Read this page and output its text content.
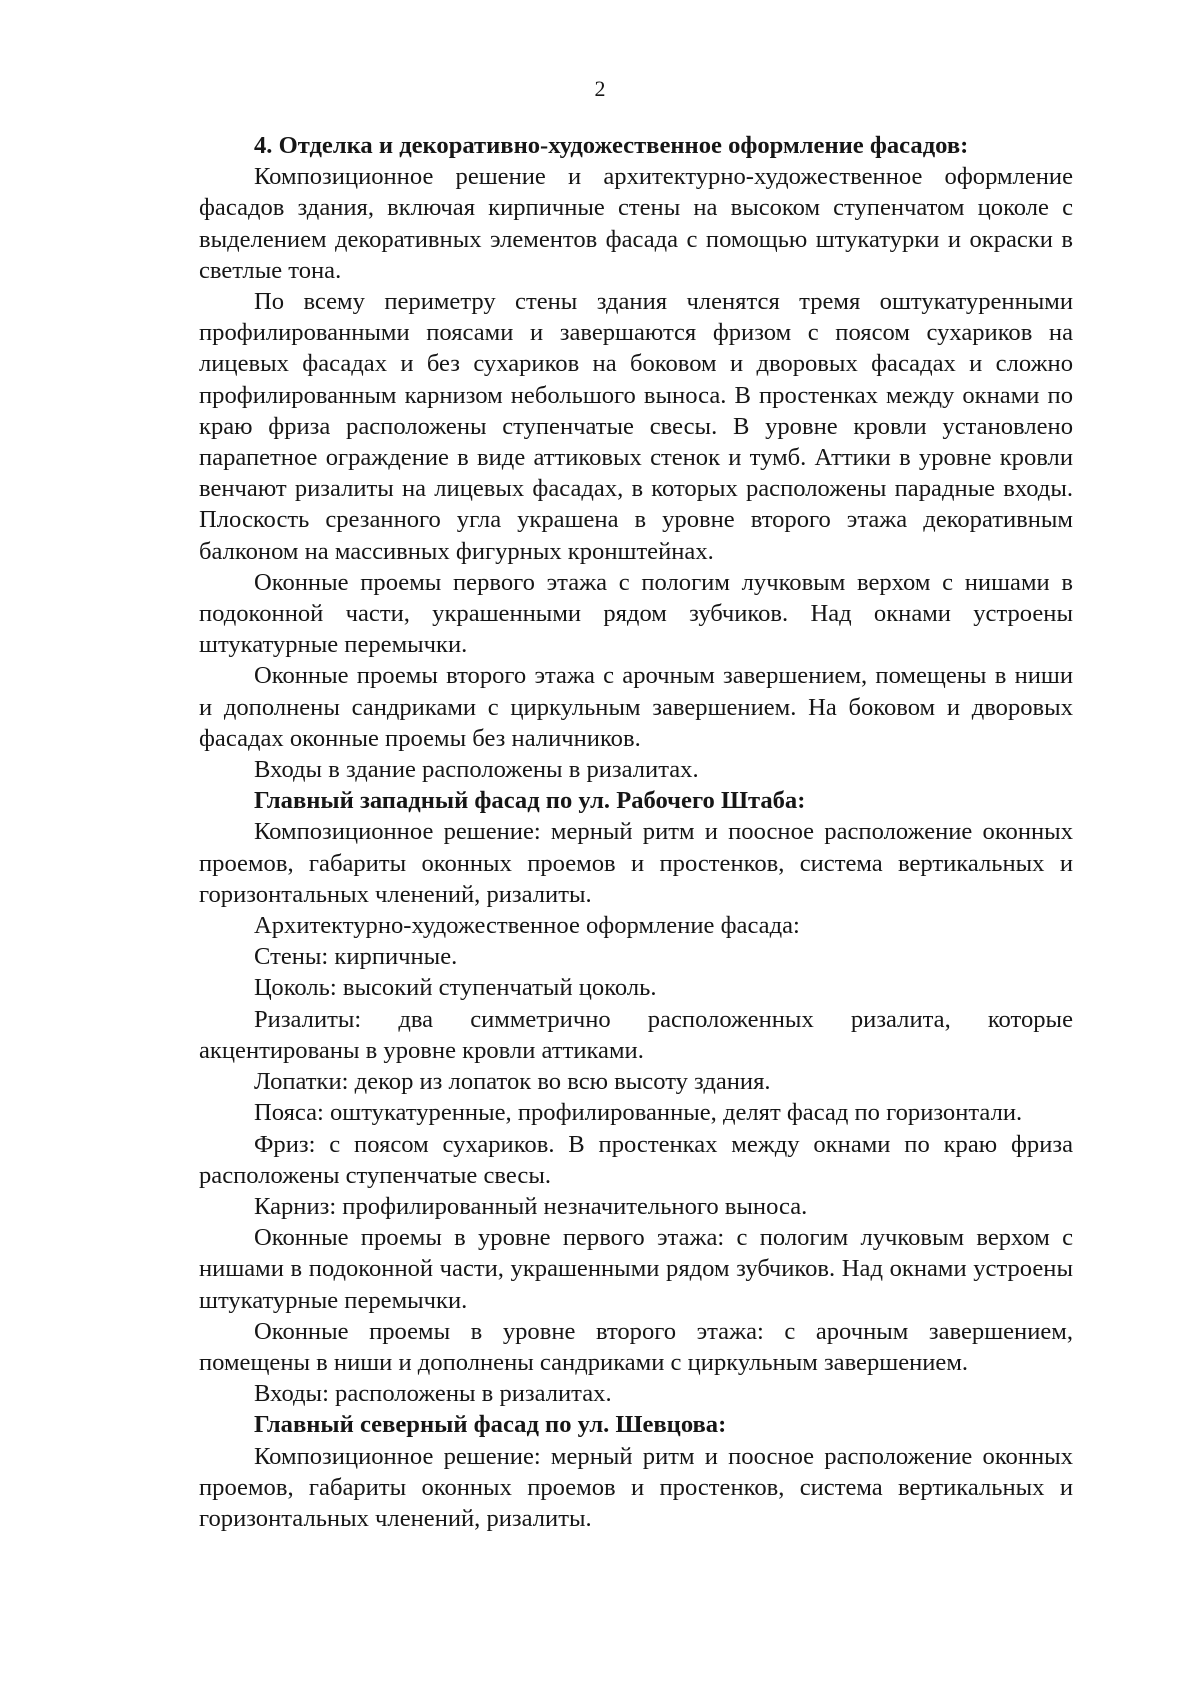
2

4. Отделка и декоративно-художественное оформление фасадов:

Композиционное решение и архитектурно-художественное оформление фасадов здания, включая кирпичные стены на высоком ступенчатом цоколе с выделением декоративных элементов фасада с помощью штукатурки и окраски в светлые тона.

По всему периметру стены здания членятся тремя оштукатуренными профилированными поясами и завершаются фризом с поясом сухариков на лицевых фасадах и без сухариков на боковом и дворовых фасадах и сложно профилированным карнизом небольшого выноса. В простенках между окнами по краю фриза расположены ступенчатые свесы. В уровне кровли установлено парапетное ограждение в виде аттиковых стенок и тумб. Аттики в уровне кровли венчают ризалиты на лицевых фасадах, в которых расположены парадные входы. Плоскость срезанного угла украшена в уровне второго этажа декоративным балконом на массивных фигурных кронштейнах.

Оконные проемы первого этажа с пологим лучковым верхом с нишами в подоконной части, украшенными рядом зубчиков. Над окнами устроены штукатурные перемычки.

Оконные проемы второго этажа с арочным завершением, помещены в ниши и дополнены сандриками с циркульным завершением. На боковом и дворовых фасадах оконные проемы без наличников.

Входы в здание расположены в ризалитах.

Главный западный фасад по ул. Рабочего Штаба:

Композиционное решение: мерный ритм и поосное расположение оконных проемов, габариты оконных проемов и простенков, система вертикальных и горизонтальных членений, ризалиты.

Архитектурно-художественное оформление фасада:

Стены: кирпичные.

Цоколь: высокий ступенчатый цоколь.

Ризалиты: два симметрично расположенных ризалита, которые акцентированы в уровне кровли аттиками.

Лопатки: декор из лопаток во всю высоту здания.

Пояса: оштукатуренные, профилированные, делят фасад по горизонтали.

Фриз: с поясом сухариков. В простенках между окнами по краю фриза расположены ступенчатые свесы.

Карниз: профилированный незначительного выноса.

Оконные проемы в уровне первого этажа: с пологим лучковым верхом с нишами в подоконной части, украшенными рядом зубчиков. Над окнами устроены штукатурные перемычки.

Оконные проемы в уровне второго этажа: с арочным завершением, помещены в ниши и дополнены сандриками с циркульным завершением.

Входы: расположены в ризалитах.

Главный северный фасад по ул. Шевцова:

Композиционное решение: мерный ритм и поосное расположение оконных проемов, габариты оконных проемов и простенков, система вертикальных и горизонтальных членений, ризалиты.
